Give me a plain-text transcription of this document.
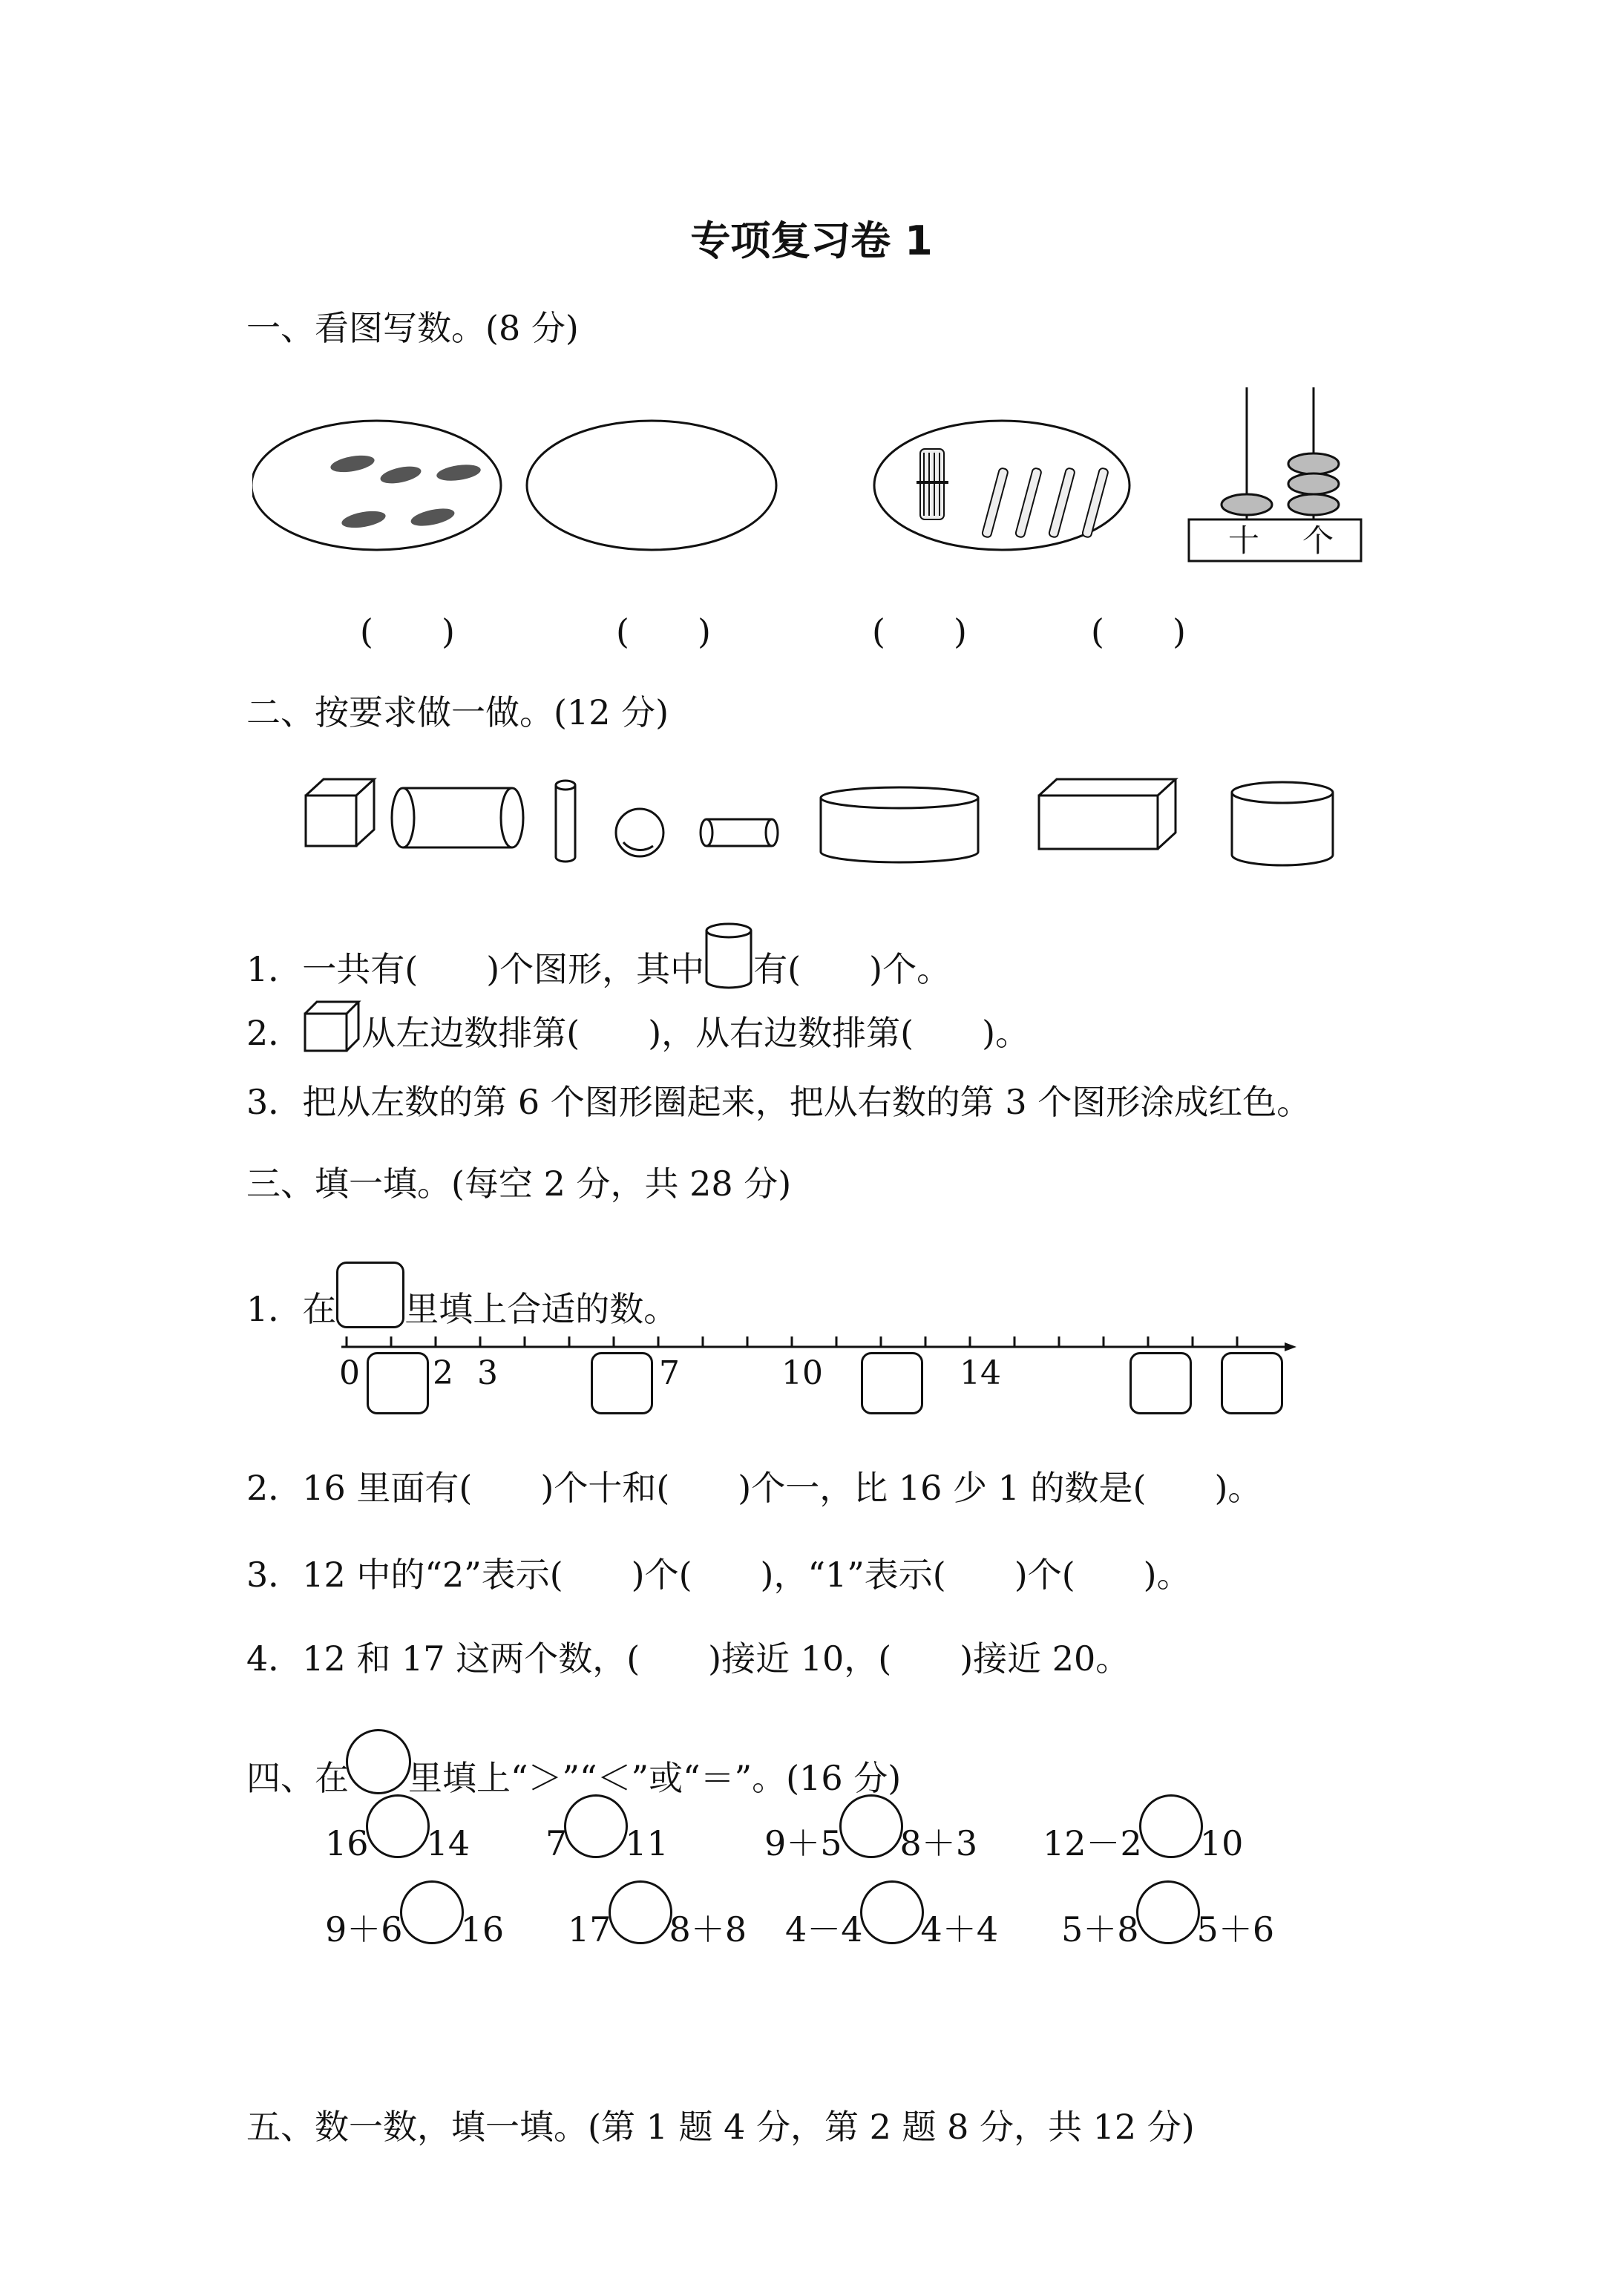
专项复习卷 1
一、看图写数。(8 分)
十 个
(　　)	(　　)	(　　)	(　　)
二、按要求做一做。(12 分)
1．一共有(　　)个图形，其中 有(　　)个。
2． 从左边数排第(　　)，从右边数排第(　　)。
3．把从左数的第 6 个图形圈起来，把从右数的第 3 个图形涂成红色。
三、填一填。(每空 2 分，共 28 分)
1．在 里填上合适的数。
0 2 3	7	10	14
2．16 里面有(　　)个十和(　　)个一，比 16 少 1 的数是(　　)。
3．12 中的“2”表示(　　)个(　　)，“1”表示(　　)个(　　)。
4．12 和 17 这两个数，(　　)接近 10，(　　)接近 20。
四、在 里填上“＞”“＜”或“＝”。(16 分)
16 14 7 11	9＋5 8＋3 12－2 10
9＋6 16 17 8＋8 4－4 4＋4 5＋8 5＋6
五、数一数，填一填。(第 1 题 4 分，第 2 题 8 分，共 12 分)
